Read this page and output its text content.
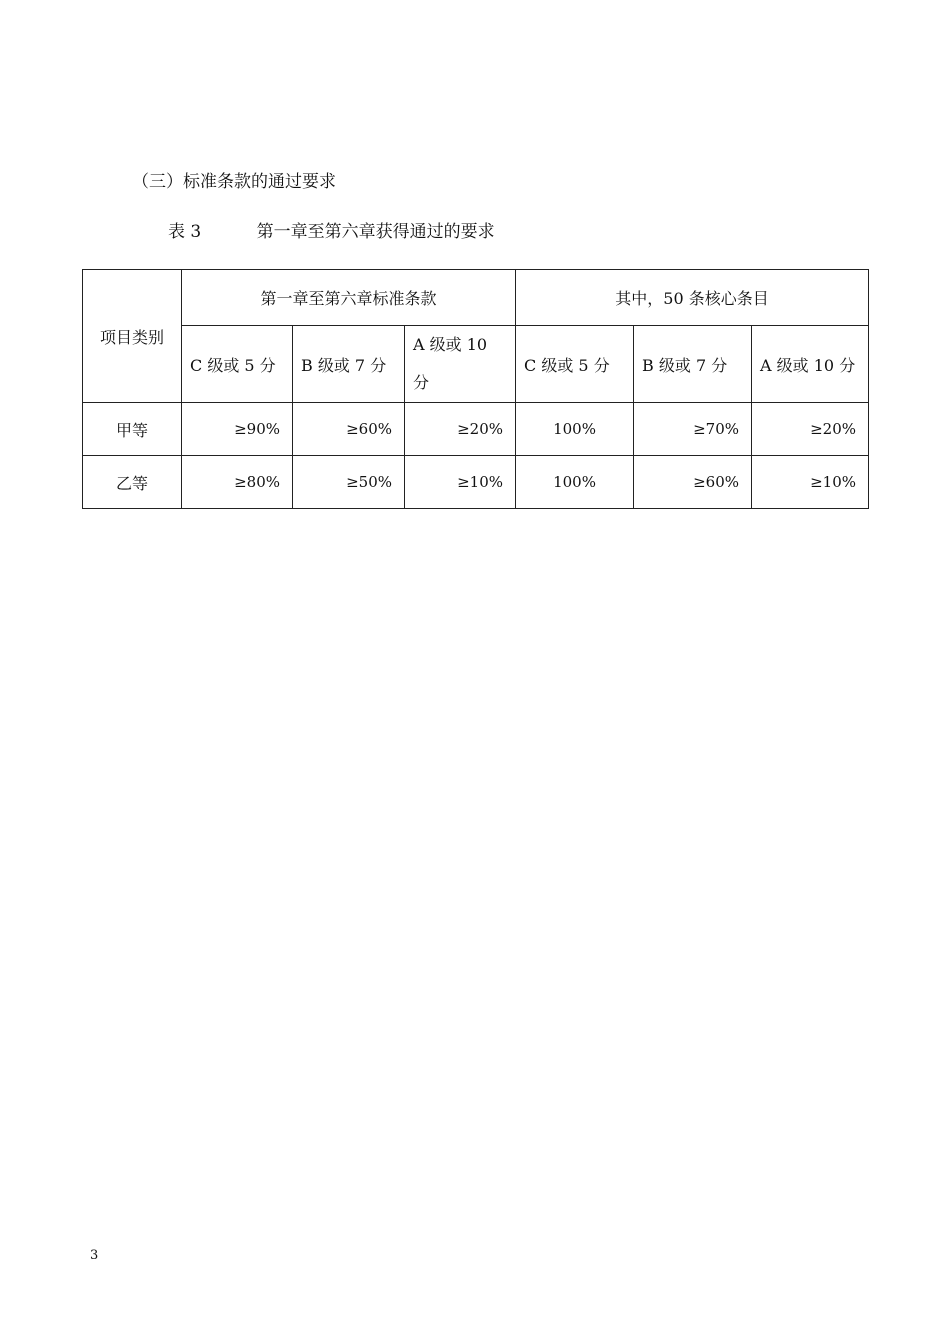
（三）标准条款的通过要求
表 3	第一章至第六章获得通过的要求
项目类别	第一章至第六章标准条款			其中，50 条核心条目		
	C 级或 5 分	B 级或 7 分	A 级或 10 分	C 级或 5 分	B 级或 7 分	A 级或 10 分
甲等	≥90%	≥60%	≥20%	100%	≥70%	≥20%
乙等	≥80%	≥50%	≥10%	100%	≥60%	≥10%
3
